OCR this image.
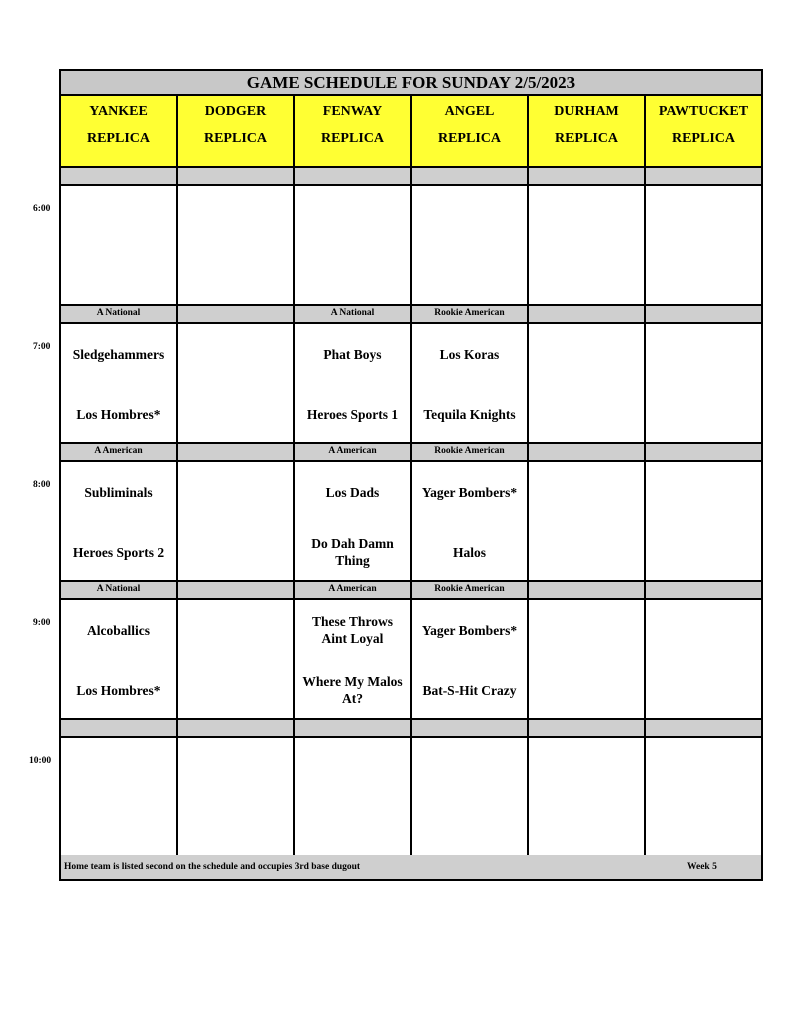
GAME SCHEDULE FOR SUNDAY 2/5/2023
YANKEE
REPLICA
DODGER
REPLICA
FENWAY
REPLICA
ANGEL
REPLICA
DURHAM
REPLICA
PAWTUCKET
REPLICA
A National
Sledgehammers
Los Hombres*
A National
Phat Boys
Heroes Sports 1
Rookie American
Los Koras
Tequila Knights
A American
Subliminals
Heroes Sports 2
A American
Los Dads
Do Dah Damn Thing
Rookie American
Yager Bombers*
Halos
A National
Alcoballics
Los Hombres*
A American
These Throws Aint Loyal
Where My Malos At?
Rookie American
Yager Bombers*
Bat-S-Hit Crazy
Home team is listed second on the schedule and occupies 3rd base dugout	Week 5
6:00
7:00
8:00
9:00
10:00
